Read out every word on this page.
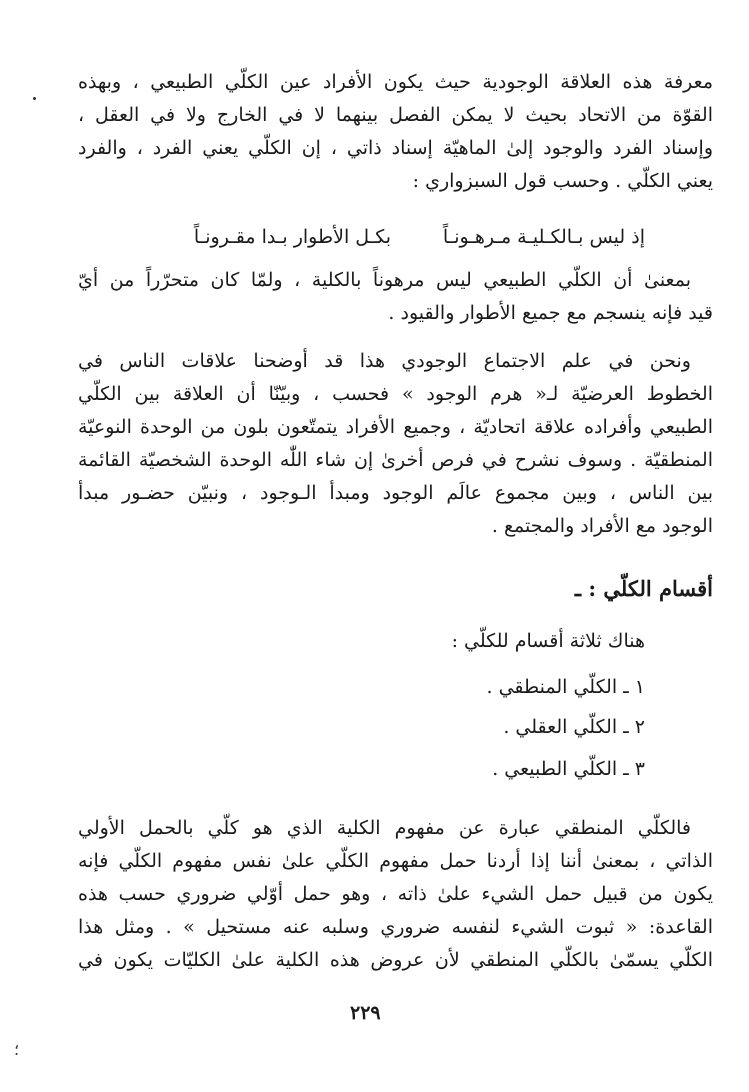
معرفة هذه العلاقة الوجودية حيث يكون الأفراد عين الكلّي الطبيعي ، وبهذه
القوّة من الاتحاد بحيث لا يمكن الفصل بينهما لا في الخارج ولا في العقل ،
وإسناد الفرد والوجود إلىٰ الماهيّة إسناد ذاتي ، إن الكلّي يعني الفرد ، والفرد
يعني الكلّي . وحسب قول السبزواري :
إذ ليس بـالكـليـة مـرهـونـاً
بكـل الأطوار بـدا مقـرونـاً
بمعنىٰ أن الكلّي الطبيعي ليس مرهوناً بالكلية ، ولمّا كان متحرّراً من أيّ
قيد فإنه ينسجم مع جميع الأطوار والقيود .
ونحن في علم الاجتماع الوجودي هذا قد أوضحنا علاقات الناس في
الخطوط العرضيّة لـ« هرم الوجود » فحسب ، وبيّنّا أن العلاقة بين الكلّي
الطبيعي وأفراده علاقة اتحاديّة ، وجميع الأفراد يتمتّعون بلون من الوحدة النوعيّة
المنطقيّة . وسوف نشرح في فرص أخرىٰ إن شاء اللّٰه الوحدة الشخصيّة القائمة
بين الناس ، وبين مجموع عالَم الوجود ومبدأ الـوجود ، ونبيّن حضـور مبدأ
الوجود مع الأفراد والمجتمع .
أقسام الكلّي : ـ
هناك ثلاثة أقسام للكلّي :
١ ـ الكلّي المنطقي .
٢ ـ الكلّي العقلي .
٣ ـ الكلّي الطبيعي .
فالكلّي المنطقي عبارة عن مفهوم الكلية الذي هو كلّي بالحمل الأولي
الذاتي ، بمعنىٰ أننا إذا أردنا حمل مفهوم الكلّي علىٰ نفس مفهوم الكلّي فإنه
يكون من قبيل حمل الشيء علىٰ ذاته ، وهو حمل أوّلي ضروري حسب هذه
القاعدة: « ثبوت الشيء لنفسه ضروري وسلبه عنه مستحيل » . ومثل هذا
الكلّي يسمّىٰ بالكلّي المنطقي لأن عروض هذه الكلية علىٰ الكليّات يكون في
٢٢٩
؛
